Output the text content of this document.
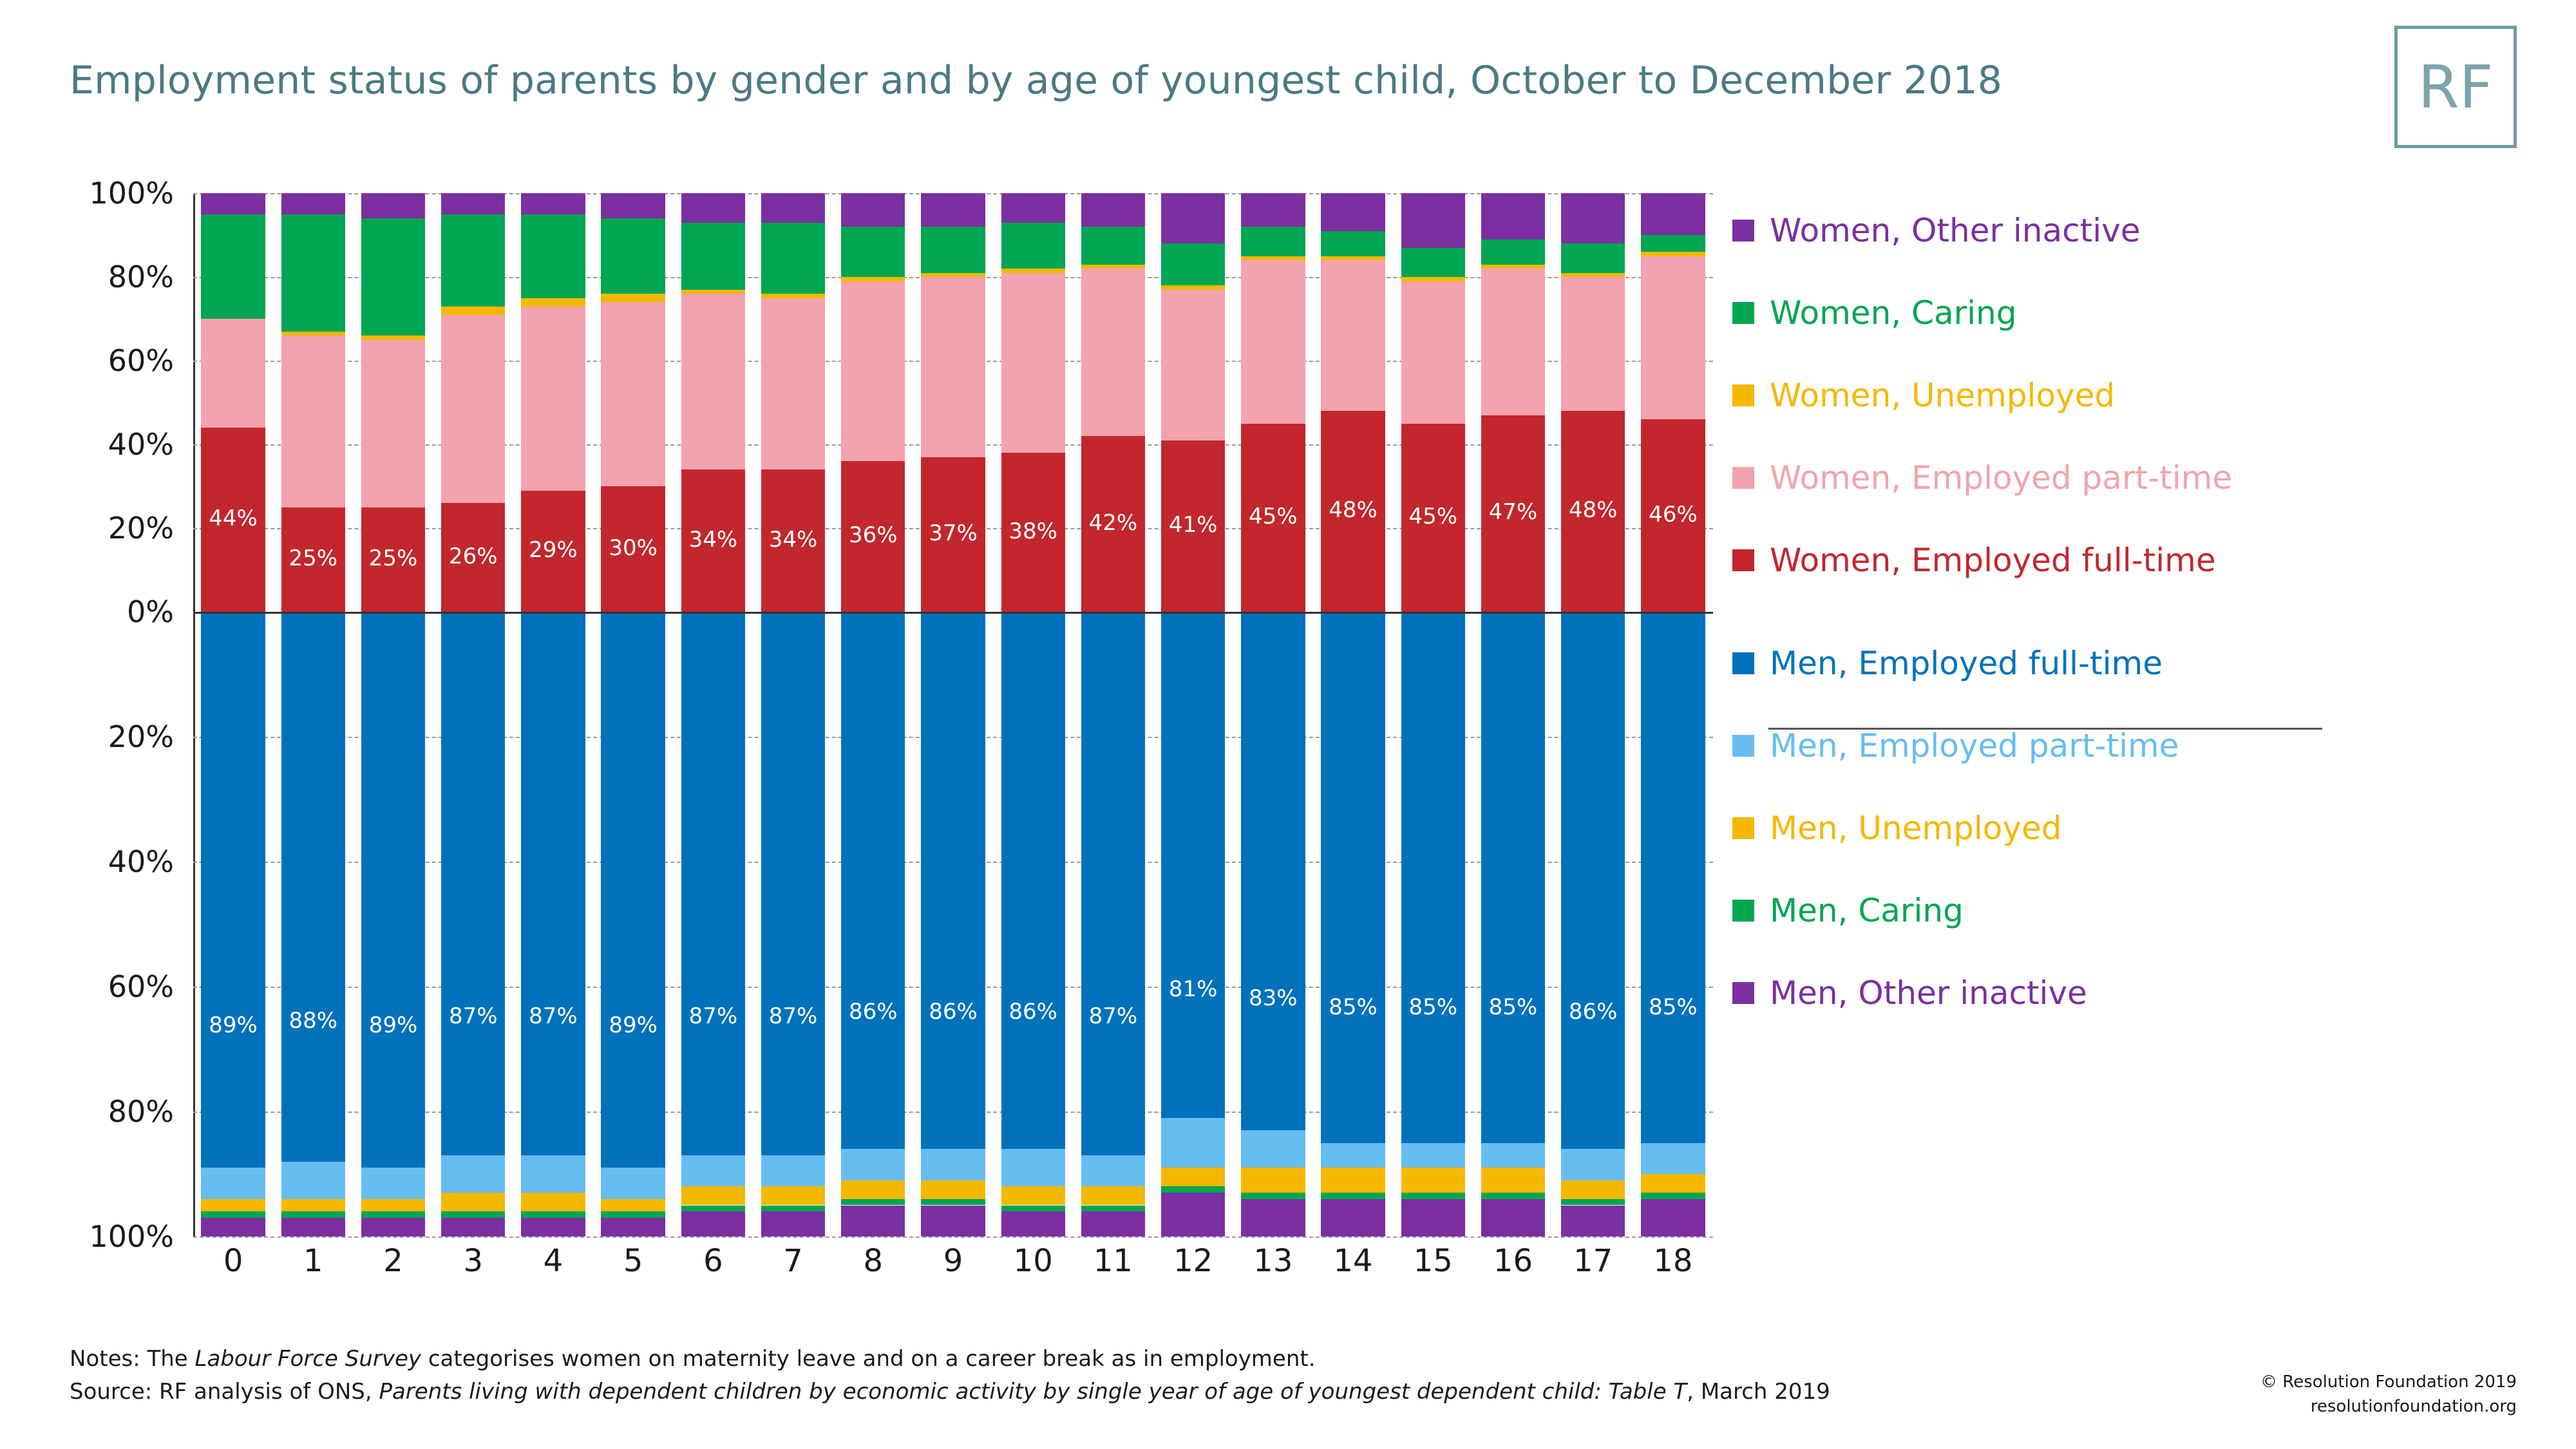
Employment status of parents by gender and by age of youngest child, October to December 2018	RF
0%
20%
40%
60%
80%
100%
20%
40%
60%
80%
100%
44%
89%
25%
88%
25%
89%
26%
87%
29%
87%
30%
89%
34%
87%
34%
87%
36%
86%
37%
86%
38%
86%
42%
87%
41%
81%
45%
83%
48%
85%
45%
85%
47%
85%
48%
86%
46%
85%
0	1	2	3	4	5	6	7	8	9	10	11	12	13	14	15	16	17	18
Women, Other inactive
Women, Caring
Women, Unemployed
Women, Employed part-time
Women, Employed full-time
Men, Employed full-time
Men, Employed part-time
Men, Unemployed
Men, Caring
Men, Other inactive
Notes: The Labour Force Survey categorises women on maternity leave and on a career break as in employment.
Source: RF analysis of ONS, Parents living with dependent children by economic activity by single year of age of youngest dependent child: Table T, March 2019	© Resolution Foundation 2019
resolutionfoundation.org
